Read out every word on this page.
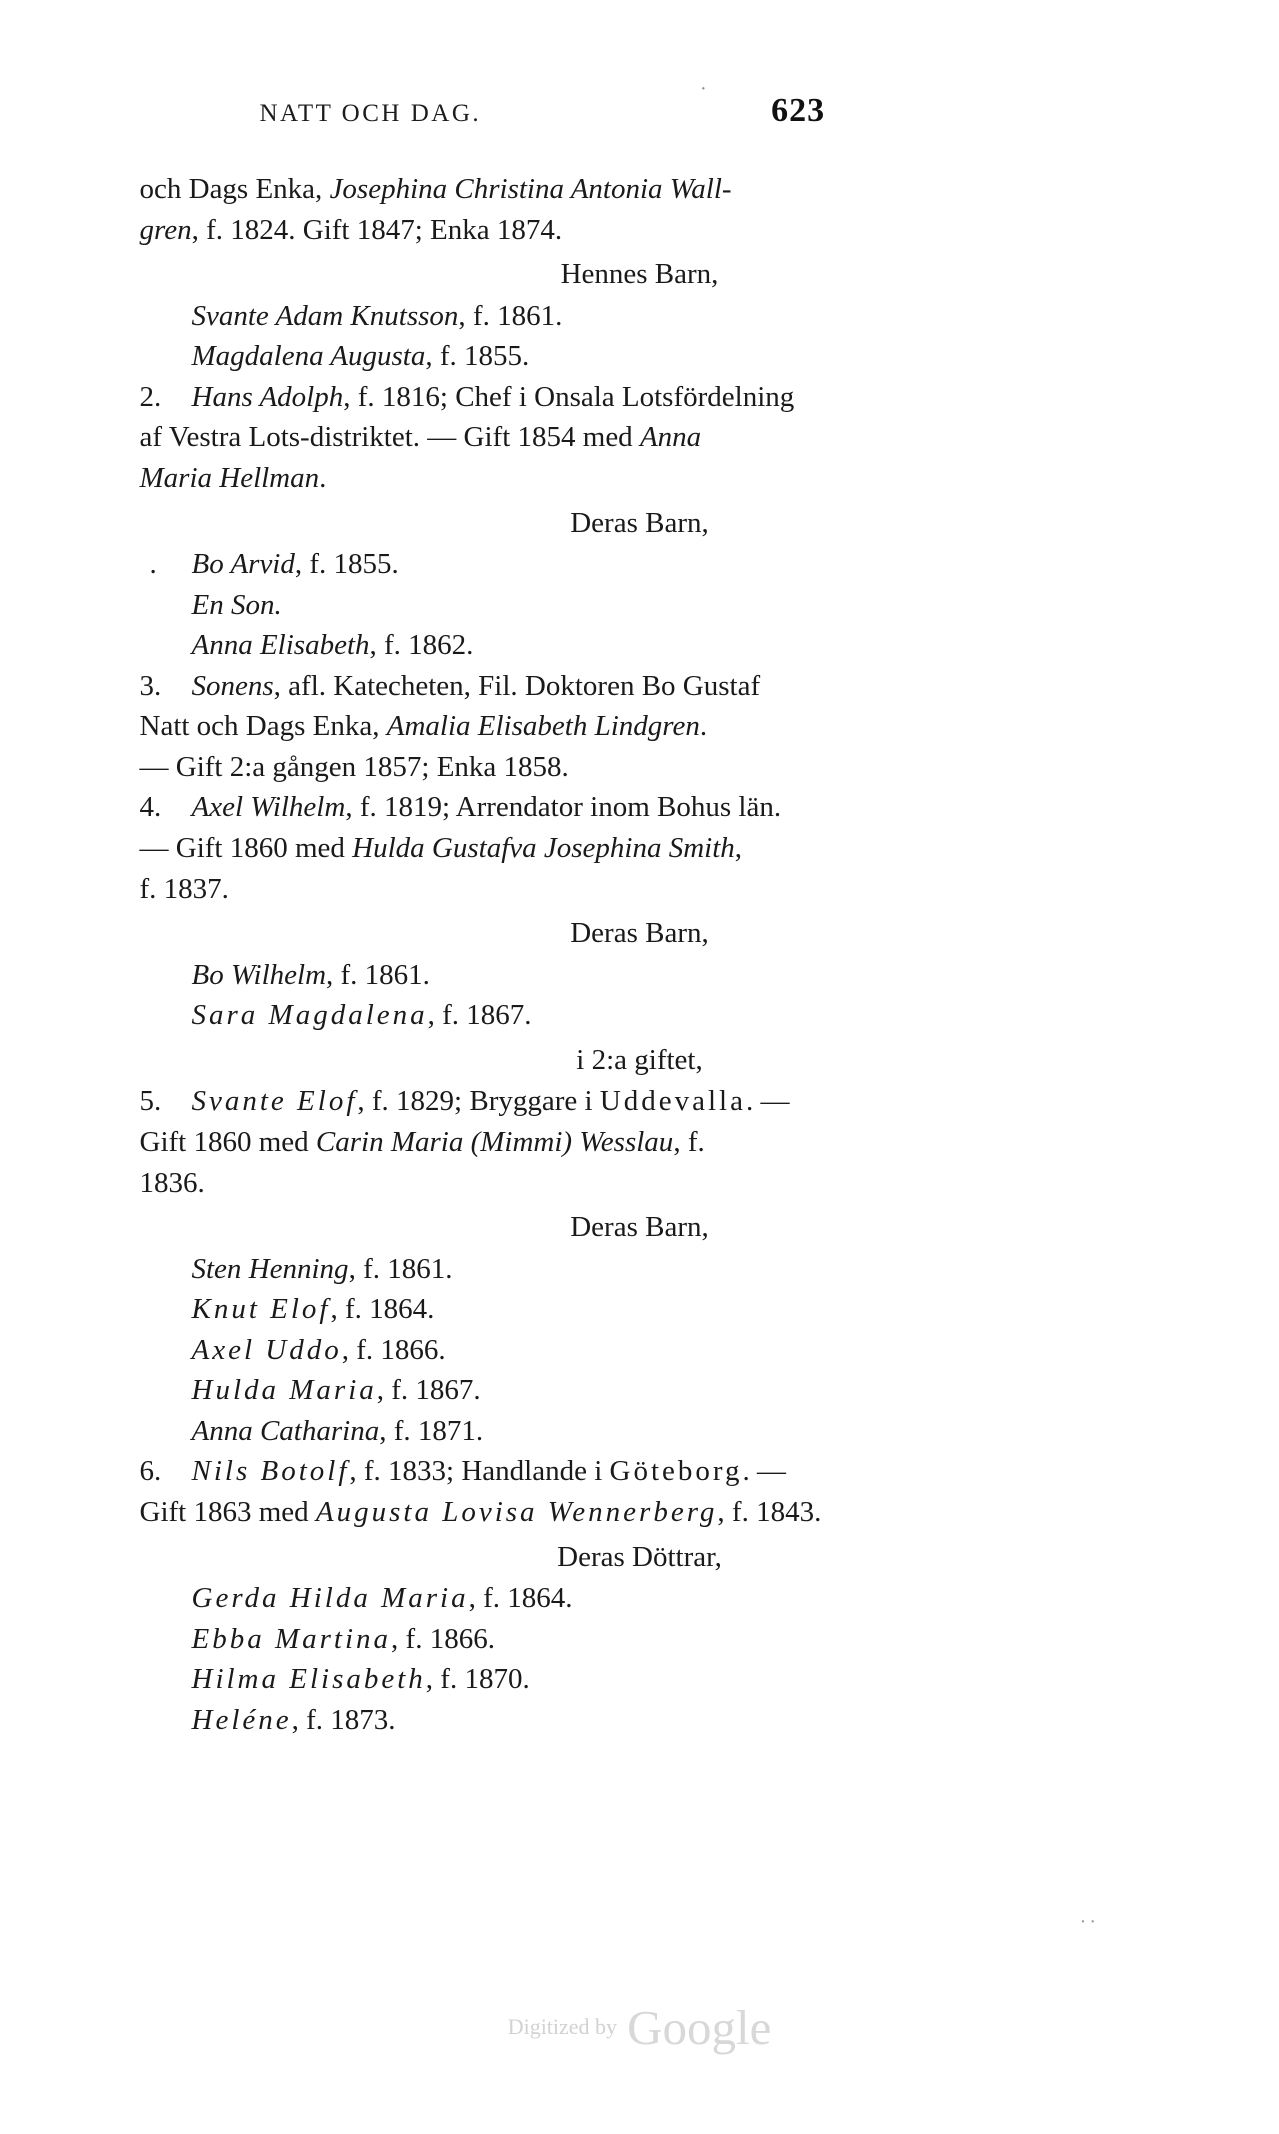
·
NATT OCH DAG.	623
och Dags Enka, Josephina Christina Antonia Wall-
gren, f. 1824. Gift 1847; Enka 1874.
Hennes Barn,
Svante Adam Knutsson, f. 1861.
Magdalena Augusta, f. 1855.
2. Hans Adolph, f. 1816; Chef i Onsala Lotsfördelning
af Vestra Lots-distriktet. — Gift 1854 med Anna
Maria Hellman.
Deras Barn,
. Bo Arvid, f. 1855.
En Son.
Anna Elisabeth, f. 1862.
3. Sonens, afl. Katecheten, Fil. Doktoren Bo Gustaf
Natt och Dags Enka, Amalia Elisabeth Lindgren.
— Gift 2:a gången 1857; Enka 1858.
4. Axel Wilhelm, f. 1819; Arrendator inom Bohus län.
— Gift 1860 med Hulda Gustafva Josephina Smith,
f. 1837.
Deras Barn,
Bo Wilhelm, f. 1861.
Sara Magdalena, f. 1867.
i 2:a giftet,
5. Svante Elof, f. 1829; Bryggare i Uddevalla. —
Gift 1860 med Carin Maria (Mimmi) Wesslau, f.
1836.
Deras Barn,
Sten Henning, f. 1861.
Knut Elof, f. 1864.
Axel Uddo, f. 1866.
Hulda Maria, f. 1867.
Anna Catharina, f. 1871.
6. Nils Botolf, f. 1833; Handlande i Göteborg. —
Gift 1863 med Augusta Lovisa Wennerberg, f. 1843.
Deras Döttrar,
Gerda Hilda Maria, f. 1864.
Ebba Martina, f. 1866.
Hilma Elisabeth, f. 1870.
Heléne, f. 1873.
··
Digitized by Google
